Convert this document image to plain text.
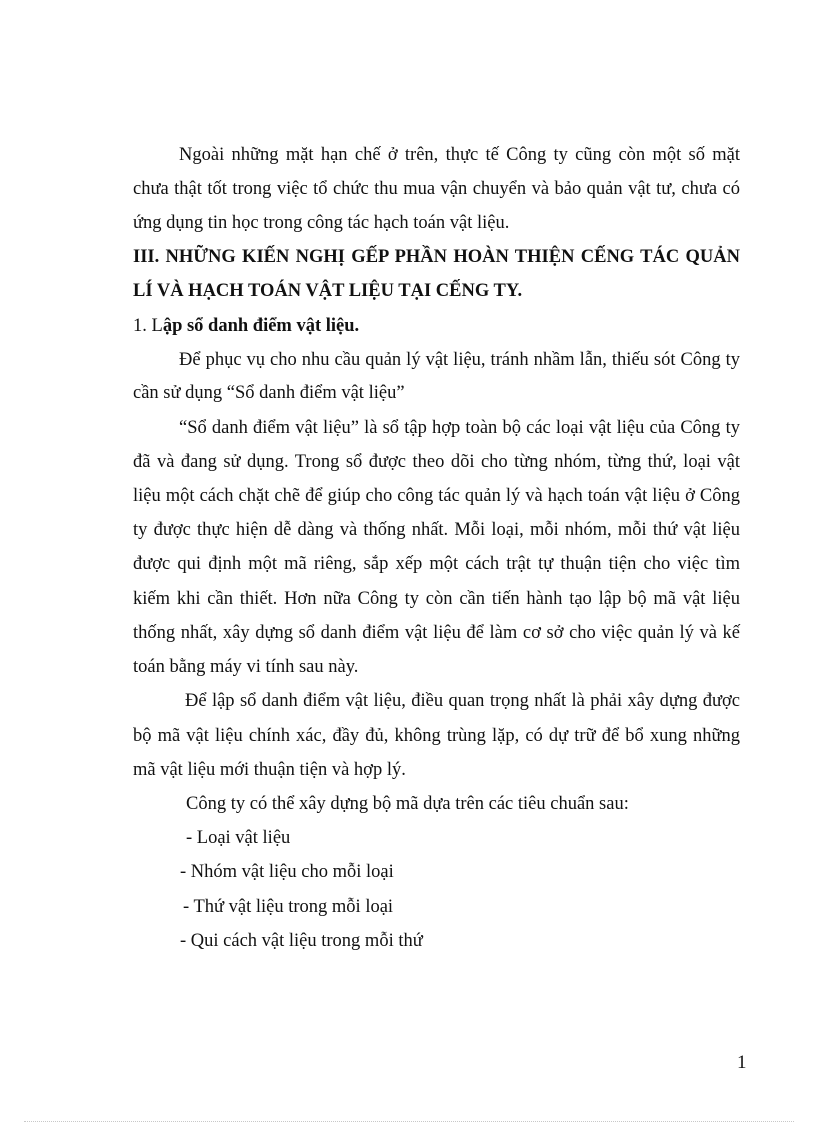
Ngoài những mặt hạn chế ở trên, thực tế Công ty cũng còn một số mặt
chưa thật tốt trong việc tổ chức thu mua vận chuyển và bảo quản vật tư, chưa có
ứng dụng tin học trong công tác hạch toán vật liệu.
III. NHỮNG KIẾN NGHỊ GẾP PHẦN HOÀN THIỆN CẾNG TÁC QUẢN
LÍ VÀ HẠCH TOÁN VẬT LIỆU TẠI CẾNG TY.
1. Lập sổ danh điểm vật liệu.
Để phục vụ cho nhu cầu quản lý vật liệu, tránh nhầm lẫn, thiếu sót Công ty
cần sử dụng “Sổ danh điểm vật liệu”
“Sổ danh điểm vật liệu” là sổ tập hợp toàn bộ các loại vật liệu của Công ty
đã và đang sử dụng. Trong sổ được theo dõi cho từng nhóm, từng thứ, loại vật
liệu một cách chặt chẽ để giúp cho công tác quản lý và hạch toán vật liệu ở Công
ty được thực hiện dễ dàng và thống nhất. Mỗi loại, mỗi nhóm, mỗi thứ vật liệu
được qui định một mã riêng, sắp xếp một cách trật tự thuận tiện cho việc tìm
kiếm khi cần thiết. Hơn nữa Công ty còn cần tiến hành tạo lập bộ mã vật liệu
thống nhất, xây dựng sổ danh điểm vật liệu để làm cơ sở cho việc quản lý và kế
toán bằng máy vi tính sau này.
Để lập sổ danh điểm vật liệu, điều quan trọng nhất là phải xây dựng được
bộ mã vật liệu chính xác, đầy đủ, không trùng lặp, có dự trữ để bổ xung những
mã vật liệu mới thuận tiện và hợp lý.
Công ty có thể xây dựng bộ mã dựa trên các tiêu chuẩn sau:
- Loại vật liệu
- Nhóm vật liệu cho mỗi loại
- Thứ vật liệu trong mỗi loại
- Qui cách vật liệu trong mỗi thứ
1
